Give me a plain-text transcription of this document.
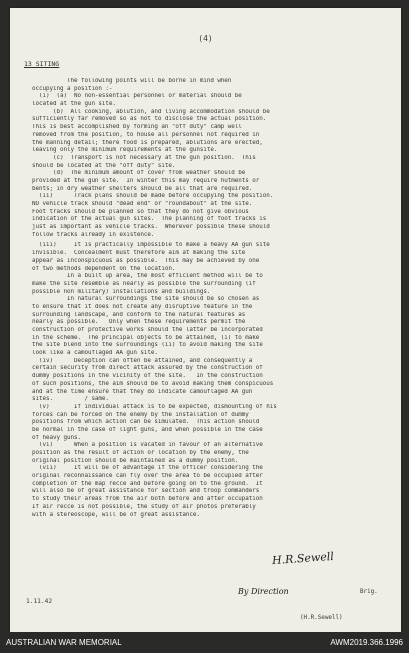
(4)
13 SITING
The following points will be borne in mind when
occupying a position :-
(i)  (a)  No non-essential personnel or material should be
located at the gun site.
(b)  All cooking, ablution, and living accommodation should be
sufficiently far removed so as not to disclose the actual position.
This is best accomplished by forming an "off duty" camp well
removed from the position, to house all personnel not required in
the manning detail; there food is prepared, ablutions are erected,
leaving only the minimum requirements at the gunsite.
(c)  Transport is not necessary at the gun position.  This
should be located at the "off duty" site.
(d)  The minimum amount of cover from weather should be
provided at the gun site.  In winter this may require hutments or
bents; in dry weather shelters should be all that are required.
(ii)      Track plans should be made before occupying the position.
NO vehicle track should "dead end" or "roundabout" at the site.
Foot tracks should be planned so that they do not give obvious
indication of the actual gun sites.  The planning of foot tracks is
just as important as vehicle tracks.  Wherever possible these should
follow tracks already in existence.
(iii)     It is practically impossible to make a heavy AA gun site
invisible.  Concealment must therefore aim at making the site
appear as inconspicuous as possible.  This may be achieved by one
of two methods dependent on the location.
In a built up area, the most efficient method will be to
make the site resemble as nearly as possible the surrounding (if
possible non military) installations and buildings.
In natural surroundings the site should be so chosen as
to ensure that it does not create any disruptive feature in the
surrounding landscape, and conform to the natural features as
nearly as possible.   Only when these requirements permit the
construction of protective works should the latter be incorporated
in the scheme.  The principal objects to be attained, (i) to make
the site blend into the surroundings (ii) to avoid making the site
look like a camouflaged AA gun site.
(iv)      Deception can often be attained, and consequently a
certain security from direct attack assured by the construction of
dummy positions in the vicinity of the site.   In the construction
of such positions, the aim should be to avoid making them conspicuous
and at the time ensure that they do indicate camouflaged AA gun
sites.         / same.
(v)       If individual attack is to be expected, dismounting of his
forces can be forced on the enemy by the installation of dummy
positions from which action can be simulated.  This action should
be normal in the case of light guns, and when possible in the case
of heavy guns.
(vi)      When a position is vacated in favour of an alternative
position as the result of action or location by the enemy, the
original position should be maintained as a dummy position.
(vii)     It will be of advantage if the officer considering the
original reconnaissance can fly over the area to be occupied after
completion of the map recce and before going on to the ground.  It
will also be of great assistance for section and troop commanders
to study their areas from the air both before and after occupation
If air recce is not possible, the study of air photos preferably
with a stereoscope, will be of great assistance.
H.R.Sewell

Brig.

(H.R.Sewell)

By Direction
1.11.42
AUSTRALIAN WAR MEMORIAL	AWM2019.366.1996
